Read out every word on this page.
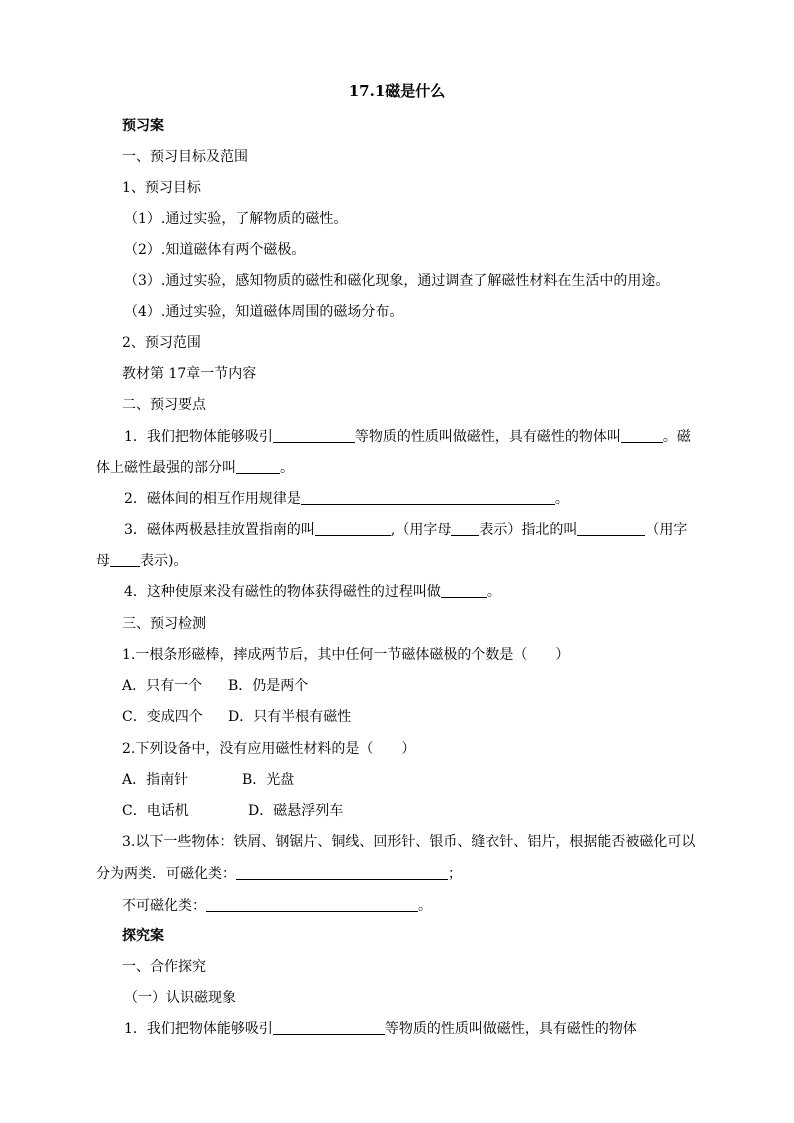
17.1磁是什么
预习案
一、预习目标及范围
1、预习目标
（1）.通过实验，了解物质的磁性。
（2）.知道磁体有两个磁极。
（3）.通过实验，感知物质的磁性和磁化现象，通过调查了解磁性材料在生活中的用途。
（4）.通过实验，知道磁体周围的磁场分布。
2、预习范围
教材第 17章一节内容
二、预习要点
1．我们把物体能够吸引	等物质的性质叫做磁性，具有磁性的物体叫	。磁
体上磁性最强的部分叫	。
2．磁体间的相互作用规律是	。
3．磁体两极悬挂放置指南的叫	,（用字母 表示）指北的叫	（用字
母 表示)。
4．这种使原来没有磁性的物体获得磁性的过程叫做	。
三、预习检测
1.一根条形磁棒，摔成两节后，其中任何一节磁体磁极的个数是（　　）
A．只有一个 B．仍是两个
C．变成四个 D．只有半根有磁性
2.下列设备中，没有应用磁性材料的是（　　）
A．指南针	B．光盘
C．电话机	D．磁悬浮列车
3.以下一些物体：铁屑、钢锯片、铜线、回形针、银币、缝衣针、铝片，根据能否被磁化可以
分为两类．可磁化类：	；
不可磁化类：	。
探究案
一、合作探究
（一）认识磁现象
1．我们把物体能够吸引	等物质的性质叫做磁性，具有磁性的物体
